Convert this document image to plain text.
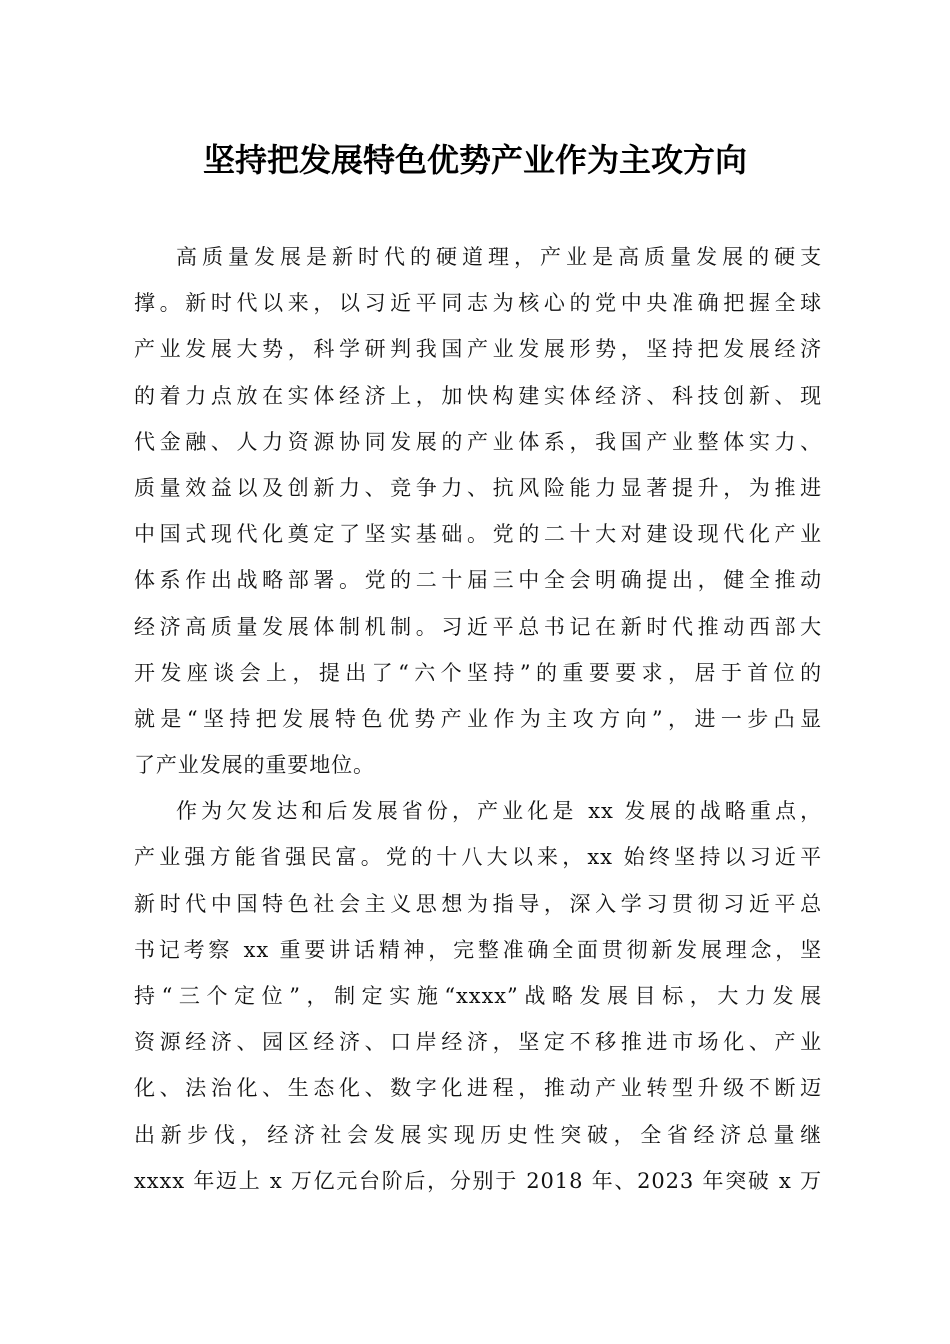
坚持把发展特色优势产业作为主攻方向
高质量发展是新时代的硬道理，产业是高质量发展的硬支
撑。新时代以来，以习近平同志为核心的党中央准确把握全球
产业发展大势，科学研判我国产业发展形势，坚持把发展经济
的着力点放在实体经济上，加快构建实体经济、科技创新、现
代金融、人力资源协同发展的产业体系，我国产业整体实力、
质量效益以及创新力、竞争力、抗风险能力显著提升，为推进
中国式现代化奠定了坚实基础。党的二十大对建设现代化产业
体系作出战略部署。党的二十届三中全会明确提出，健全推动
经济高质量发展体制机制。习近平总书记在新时代推动西部大
开发座谈会上，提出了“六个坚持”的重要要求，居于首位的
就是“坚持把发展特色优势产业作为主攻方向”，进一步凸显
了产业发展的重要地位。
作为欠发达和后发展省份，产业化是 xx 发展的战略重点，
产业强方能省强民富。党的十八大以来，xx 始终坚持以习近平
新时代中国特色社会主义思想为指导，深入学习贯彻习近平总
书记考察 xx 重要讲话精神，完整准确全面贯彻新发展理念，坚
持“三个定位”，制定实施“xxxx”战略发展目标，大力发展
资源经济、园区经济、口岸经济，坚定不移推进市场化、产业
化、法治化、生态化、数字化进程，推动产业转型升级不断迈
出新步伐，经济社会发展实现历史性突破，全省经济总量继
xxxx 年迈上 x 万亿元台阶后，分别于 2018 年、2023 年突破 x 万
